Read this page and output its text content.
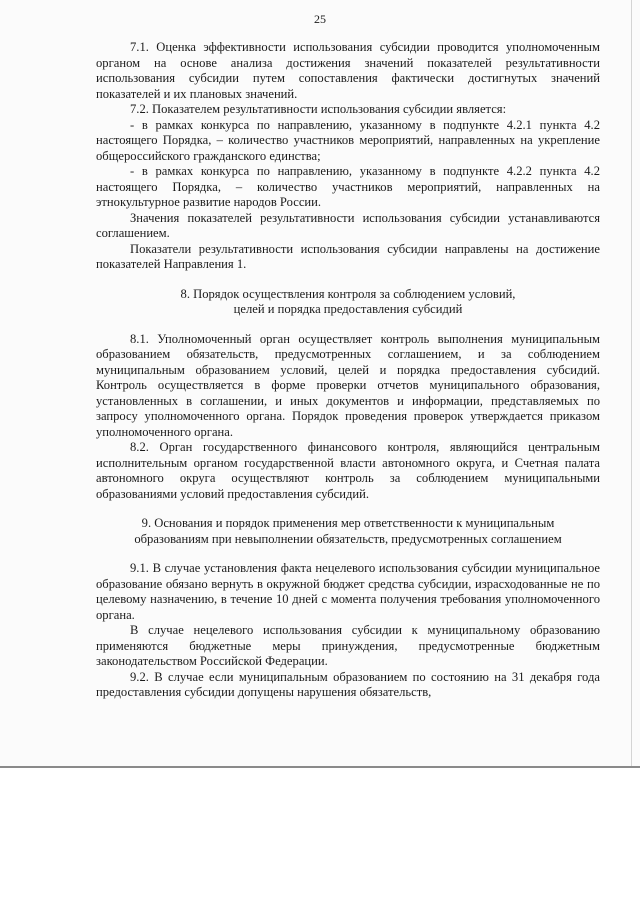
25

7.1. Оценка эффективности использования субсидии проводится уполномоченным органом на основе анализа достижения значений показателей результативности использования субсидии путем сопоставления фактически достигнутых значений показателей и их плановых значений.

7.2. Показателем результативности использования субсидии является:

- в рамках конкурса по направлению, указанному в подпункте 4.2.1 пункта 4.2 настоящего Порядка, – количество участников мероприятий, направленных на укрепление общероссийского гражданского единства;

- в рамках конкурса по направлению, указанному в подпункте 4.2.2 пункта 4.2 настоящего Порядка, – количество участников мероприятий, направленных на этнокультурное развитие народов России.

Значения показателей результативности использования субсидии устанавливаются соглашением.

Показатели результативности использования субсидии направлены на достижение показателей Направления 1.

8. Порядок осуществления контроля за соблюдением условий,
целей и порядка предоставления субсидий

8.1. Уполномоченный орган осуществляет контроль выполнения муниципальным образованием обязательств, предусмотренных соглашением, и за соблюдением муниципальным образованием условий, целей и порядка предоставления субсидий. Контроль осуществляется в форме проверки отчетов муниципального образования, установленных в соглашении, и иных документов и информации, представляемых по запросу уполномоченного органа. Порядок проведения проверок утверждается приказом уполномоченного органа.

8.2. Орган государственного финансового контроля, являющийся центральным исполнительным органом государственной власти автономного округа, и Счетная палата автономного округа осуществляют контроль за соблюдением муниципальными образованиями условий предоставления субсидий.

9. Основания и порядок применения мер ответственности к муниципальным
образованиям при невыполнении обязательств, предусмотренных соглашением

9.1. В случае установления факта нецелевого использования субсидии муниципальное образование обязано вернуть в окружной бюджет средства субсидии, израсходованные не по целевому назначению, в течение 10 дней с момента получения требования уполномоченного органа.

В случае нецелевого использования субсидии к муниципальному образованию применяются бюджетные меры принуждения, предусмотренные бюджетным законодательством Российской Федерации.

9.2. В случае если муниципальным образованием по состоянию на 31 декабря года предоставления субсидии допущены нарушения обязательств,
